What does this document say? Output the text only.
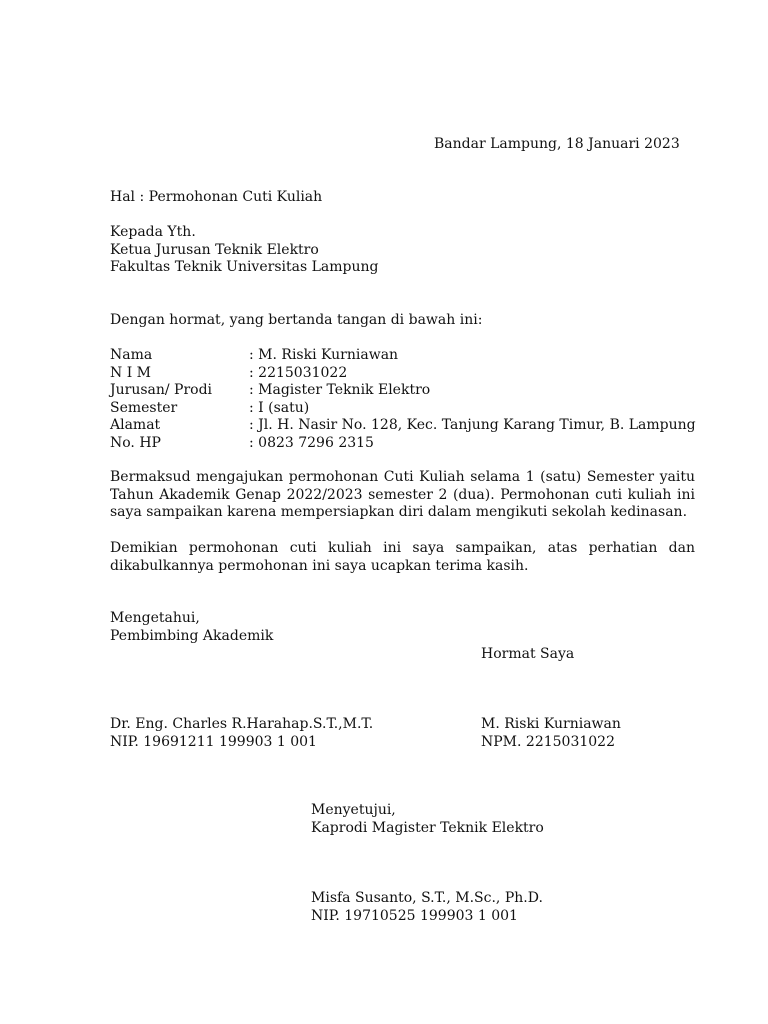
Bandar Lampung, 18 Januari 2023
Hal : Permohonan Cuti Kuliah
Kepada Yth.
Ketua Jurusan Teknik Elektro
Fakultas Teknik Universitas Lampung
Dengan hormat, yang bertanda tangan di bawah ini:
Nama	: M. Riski Kurniawan
N I M	: 2215031022
Jurusan/ Prodi	: Magister Teknik Elektro
Semester	: I (satu)
Alamat	: Jl. H. Nasir No. 128, Kec. Tanjung Karang Timur, B. Lampung
No. HP	: 0823 7296 2315
Bermaksud mengajukan permohonan Cuti Kuliah selama 1 (satu) Semester yaitu
Tahun Akademik Genap 2022/2023 semester 2 (dua). Permohonan cuti kuliah ini
saya sampaikan karena mempersiapkan diri dalam mengikuti sekolah kedinasan.
Demikian permohonan cuti kuliah ini saya sampaikan, atas perhatian dan
dikabulkannya permohonan ini saya ucapkan terima kasih.
Mengetahui,
Pembimbing Akademik
Hormat Saya
Dr. Eng. Charles R.Harahap.S.T.,M.T.
NIP. 19691211 199903 1 001
M. Riski Kurniawan
NPM. 2215031022
Menyetujui,
Kaprodi Magister Teknik Elektro
Misfa Susanto, S.T., M.Sc., Ph.D.
NIP. 19710525 199903 1 001
